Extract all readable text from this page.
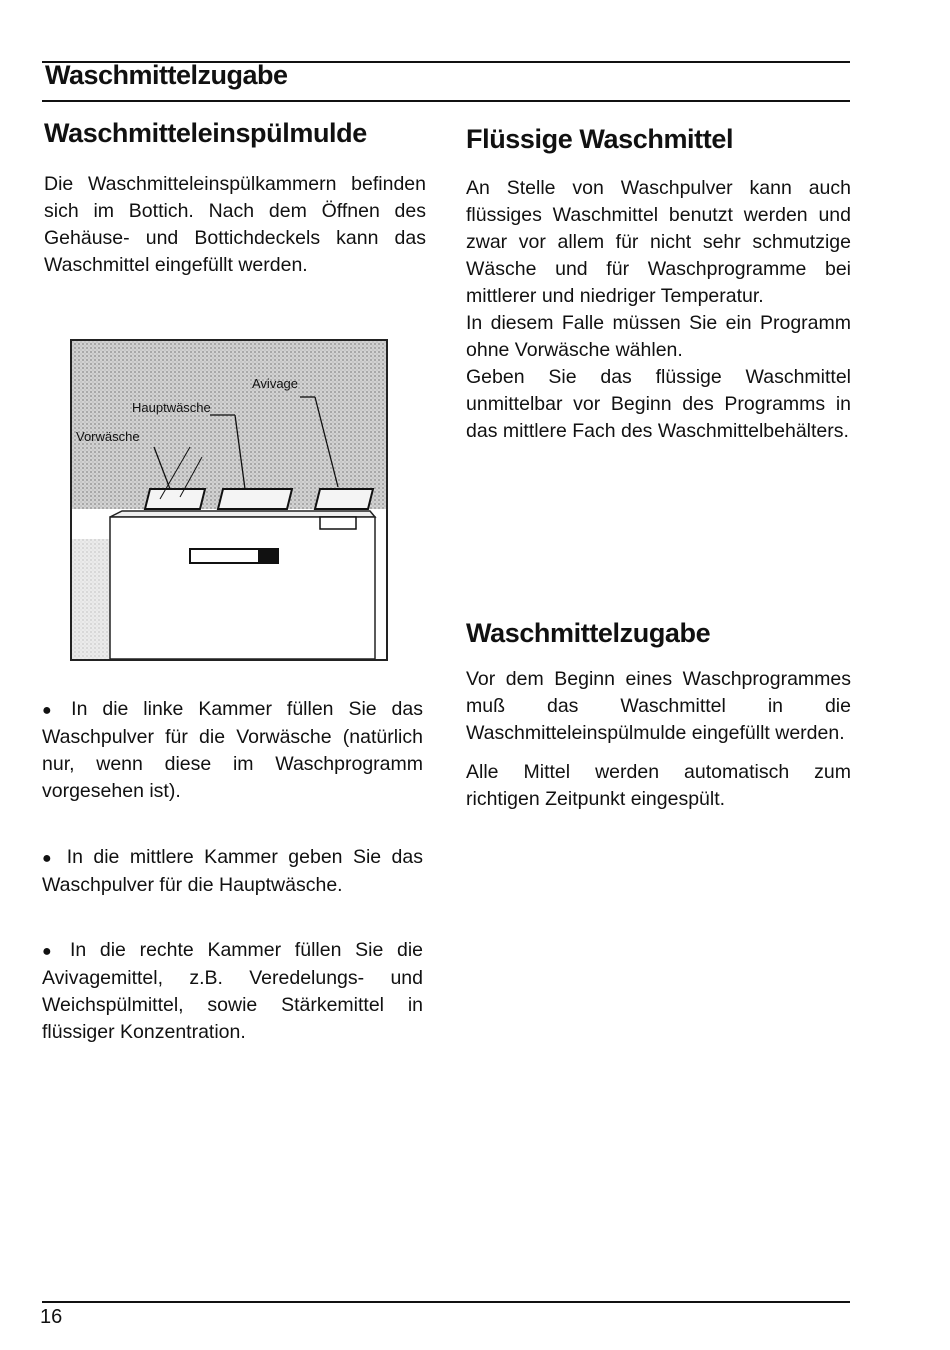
Waschmittelzugabe
Waschmitteleinspülmulde

Die Waschmitteleinspülkammern befinden sich im Bottich. Nach dem Öffnen des Gehäuse- und Bottichdeckels kann das Waschmittel eingefüllt werden.

Avivage
Hauptwäsche
Vorwäsche

● In die linke Kammer füllen Sie das Waschpulver für die Vorwäsche (natürlich nur, wenn diese im Waschprogramm vorgesehen ist).

● In die mittlere Kammer geben Sie das Waschpulver für die Hauptwäsche.

● In die rechte Kammer füllen Sie die Avivagemittel, z.B. Veredelungs- und Weichspülmittel, sowie Stärkemittel in flüssiger Konzentration.

Flüssige Waschmittel

An Stelle von Waschpulver kann auch flüssiges Waschmittel benutzt werden und zwar vor allem für nicht sehr schmutzige Wäsche und für Waschprogramme bei mittlerer und niedriger Temperatur.

In diesem Falle müssen Sie ein Programm ohne Vorwäsche wählen.

Geben Sie das flüssige Waschmittel unmittelbar vor Beginn des Programms in das mittlere Fach des Waschmittelbehälters.

Waschmittelzugabe

Vor dem Beginn eines Waschprogrammes muß das Waschmittel in die Waschmitteleinspülmulde eingefüllt werden.

Alle Mittel werden automatisch zum richtigen Zeitpunkt eingespült.

16
